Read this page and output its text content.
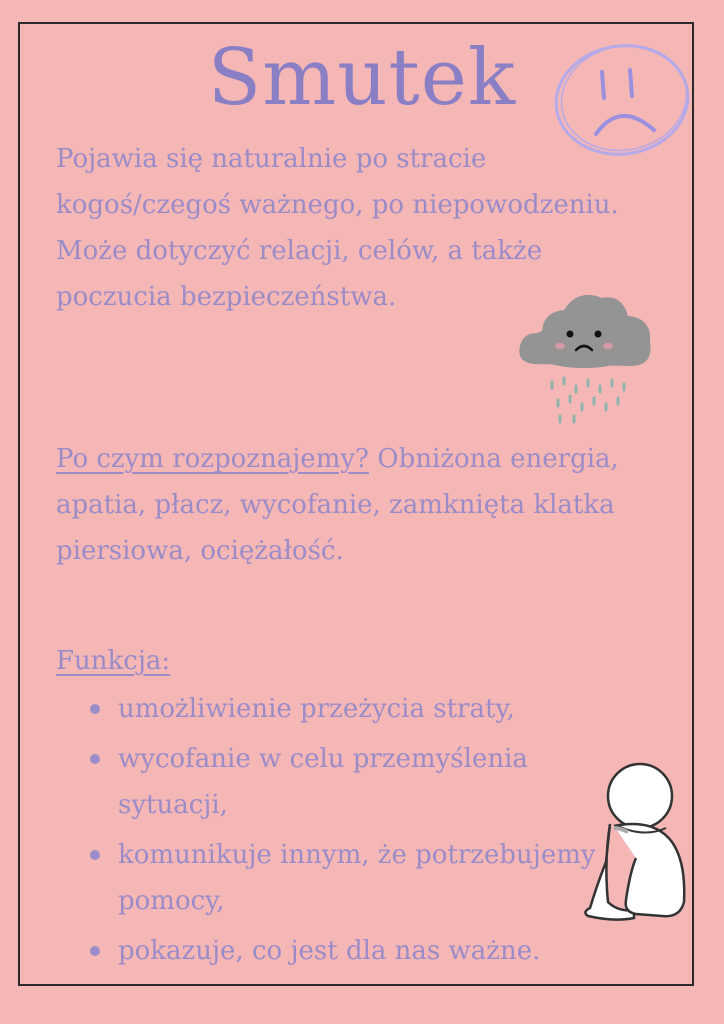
Smutek

Pojawia się naturalnie po stracie kogoś/czegoś ważnego, po niepowodzeniu. Może dotyczyć relacji, celów, a także poczucia bezpieczeństwa.

Po czym rozpoznajemy? Obniżona energia, apatia, płacz, wycofanie, zamknięta klatka piersiowa, ociężałość.

Funkcja:
umożliwienie przeżycia straty,
wycofanie w celu przemyślenia sytuacji,
komunikuje innym, że potrzebujemy pomocy,
pokazuje, co jest dla nas ważne.
